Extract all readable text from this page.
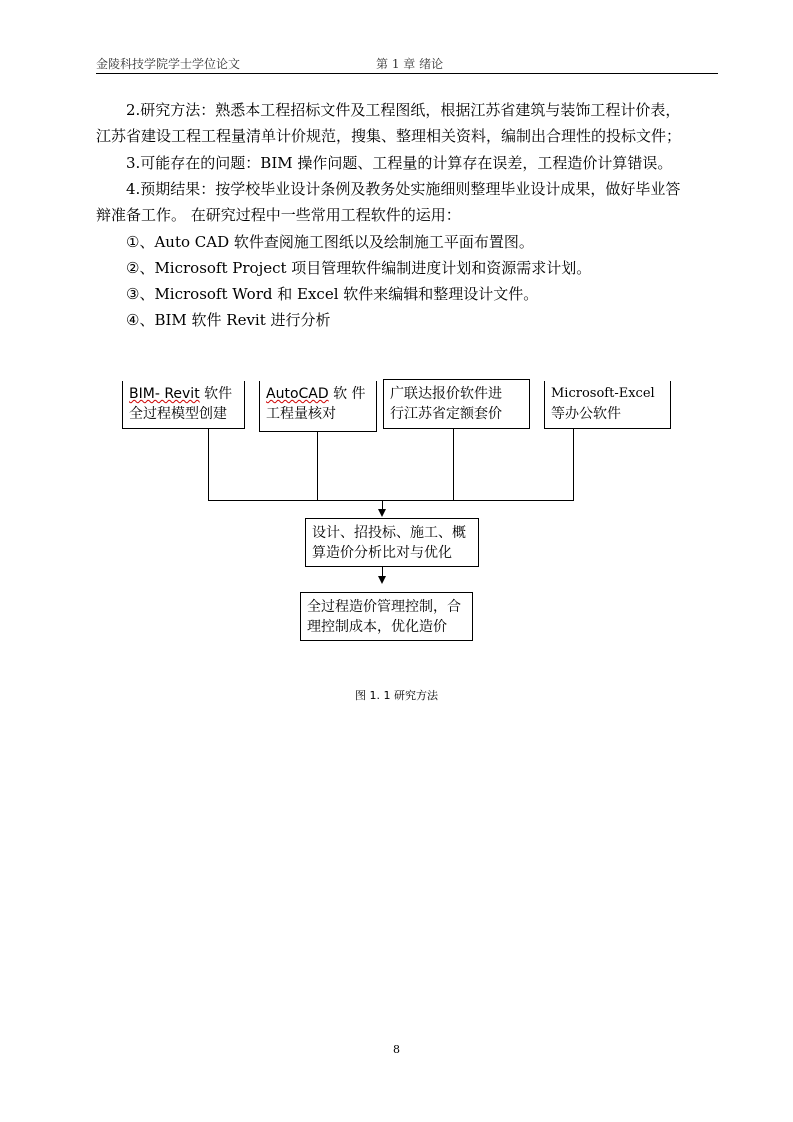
金陵科技学院学士学位论文	第 1 章 绪论
2.研究方法：熟悉本工程招标文件及工程图纸，根据江苏省建筑与装饰工程计价表，
江苏省建设工程工程量清单计价规范，搜集、整理相关资料，编制出合理性的投标文件；
3.可能存在的问题：BIM 操作问题、工程量的计算存在误差，工程造价计算错误。
4.预期结果：按学校毕业设计条例及教务处实施细则整理毕业设计成果，做好毕业答
辩准备工作。 在研究过程中一些常用工程软件的运用：
①、Auto CAD 软件查阅施工图纸以及绘制施工平面布置图。
②、Microsoft Project 项目管理软件编制进度计划和资源需求计划。
③、Microsoft Word 和 Excel 软件来编辑和整理设计文件。
④、BIM 软件 Revit 进行分析
BIM- Revit 软件
全过程模型创建
AutoCAD 软 件
工程量核对
广联达报价软件进
行江苏省定额套价
Microsoft-Excel
等办公软件
设计、招投标、施工、概
算造价分析比对与优化
全过程造价管理控制，合
理控制成本，优化造价
图 1. 1 研究方法
8
